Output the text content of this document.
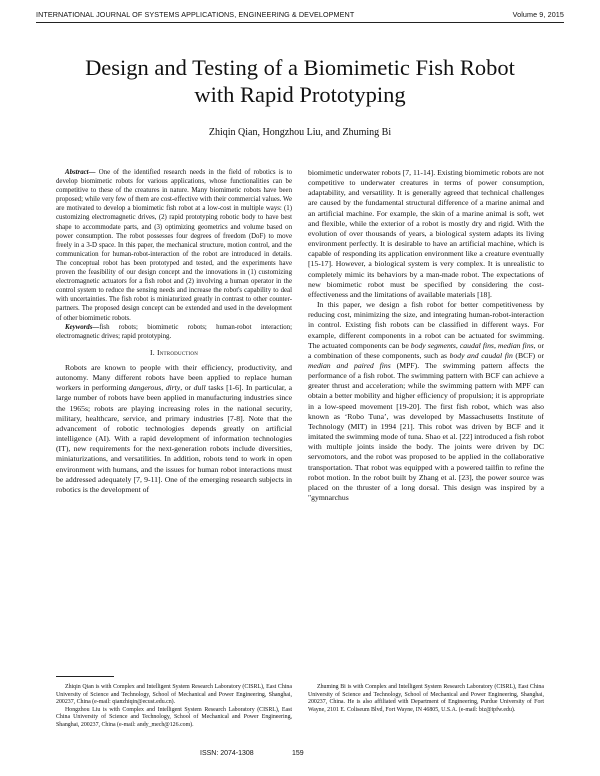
INTERNATIONAL JOURNAL OF SYSTEMS APPLICATIONS, ENGINEERING & DEVELOPMENT	Volume 9, 2015
Design and Testing of a Biomimetic Fish Robot
with Rapid Prototyping
Zhiqin Qian, Hongzhou Liu, and Zhuming Bi

Abstract— One of the identified research needs in the field of robotics is to develop biomimetic robots for various applications, whose functionalities can be competitive to these of the creatures in nature. Many biomimetic robots have been proposed; while very few of them are cost-effective with their commercial values. We are motivated to develop a biomimetic fish robot at a low-cost in multiple ways: (1) customizing electromagnetic drives, (2) rapid prototyping robotic body to have best shape to accommodate parts, and (3) optimizing geometrics and volume based on power consumption. The robot possesses four degrees of freedom (DoF) to move freely in a 3-D space. In this paper, the mechanical structure, motion control, and the communication for human-robot-interaction of the robot are introduced in details. The conceptual robot has been prototyped and tested, and the experiments have proven the feasibility of our design concept and the innovations in (1) customizing electromagnetic actuators for a fish robot and (2) involving a human operator in the control system to reduce the sensing needs and increase the robot's capability to deal with uncertainties. The fish robot is miniaturized greatly in contrast to other counter-partners. The proposed design concept can be extended and used in the development of other biomimetic robots.

Keywords—fish robots; biomimetic robots; human-robot interaction; electromagnetic drives; rapid prototyping.

I. Introduction

Robots are known to people with their efficiency, productivity, and autonomy. Many different robots have been applied to replace human workers in performing dangerous, dirty, or dull tasks [1-6]. In particular, a large number of robots have been applied in manufacturing industries since the 1965s; robots are playing increasing roles in the national security, military, healthcare, service, and primary industries [7-8]. Note that the advancement of robotic technologies depends greatly on artificial intelligence (AI). With a rapid development of information technologies (IT), new requirements for the next-generation robots include diversities, miniaturizations, and versatilities. In addition, robots tend to work in open environment with humans, and the issues for human robot interactions must be addressed adequately [7, 9-11]. One of the emerging research subjects in robotics is the development of

biomimetic underwater robots [7, 11-14]. Existing biomimetic robots are not competitive to underwater creatures in terms of power consumption, adaptability, and versatility. It is generally agreed that technical challenges are caused by the fundamental structural difference of a marine animal and an artificial machine. For example, the skin of a marine animal is soft, wet and flexible, while the exterior of a robot is mostly dry and rigid. With the evolution of over thousands of years, a biological system adapts its living environment perfectly. It is desirable to have an artificial machine, which is capable of responding its application environment like a creature eventually [15-17]. However, a biological system is very complex. It is unrealistic to completely mimic its behaviors by a man-made robot. The expectations of new biomimetic robot must be specified by considering the cost-effectiveness and the limitations of available materials [18].

In this paper, we design a fish robot for better competitiveness by reducing cost, minimizing the size, and integrating human-robot-interaction in control. Existing fish robots can be classified in different ways. For example, different components in a robot can be actuated for swimming. The actuated components can be body segments, caudal fins, median fins, or a combination of these components, such as body and caudal fin (BCF) or median and paired fins (MPF). The swimming pattern affects the performance of a fish robot. The swimming pattern with BCF can achieve a greater thrust and acceleration; while the swimming pattern with MPF can obtain a better mobility and higher efficiency of propulsion; it is appropriate in a low-speed movement [19-20]. The first fish robot, which was also known as ‘Robo Tuna’, was developed by Massachusetts Institute of Technology (MIT) in 1994 [21]. This robot was driven by BCF and it imitated the swimming mode of tuna. Shao et al. [22] introduced a fish robot with multiple joints inside the body. The joints were driven by DC servomotors, and the robot was proposed to be applied in the collaborative transportation. That robot was equipped with a powered tailfin to refine the robot motion. In the robot built by Zhang et al. [23], the power source was placed on the thruster of a long dorsal. This design was inspired by a "gymnarchus

Zhiqin Qian is with Complex and Intelligent System Research Laboratory (CISRL), East China University of Science and Technology, School of Mechanical and Power Engineering, Shanghai, 200237, China (e-mail: qianzhiqin@ecust.edu.cn).

Hongzhou Liu is with Complex and Intelligent System Research Laboratory (CISRL), East China University of Science and Technology, School of Mechanical and Power Engineering, Shanghai, 200237, China (e-mail: andy_mech@126.com).

Zhuming Bi is with Complex and Intelligent System Research Laboratory (CISRL), East China University of Science and Technology, School of Mechanical and Power Engineering, Shanghai, 200237, China. He is also affiliated with Department of Engineering, Purdue University of Fort Wayne, 2101 E. Coliseum Blvd, Fort Wayne, IN 46805, U.S.A. (e-mail: biz@ipfw.edu).

ISSN: 2074-1308	159
